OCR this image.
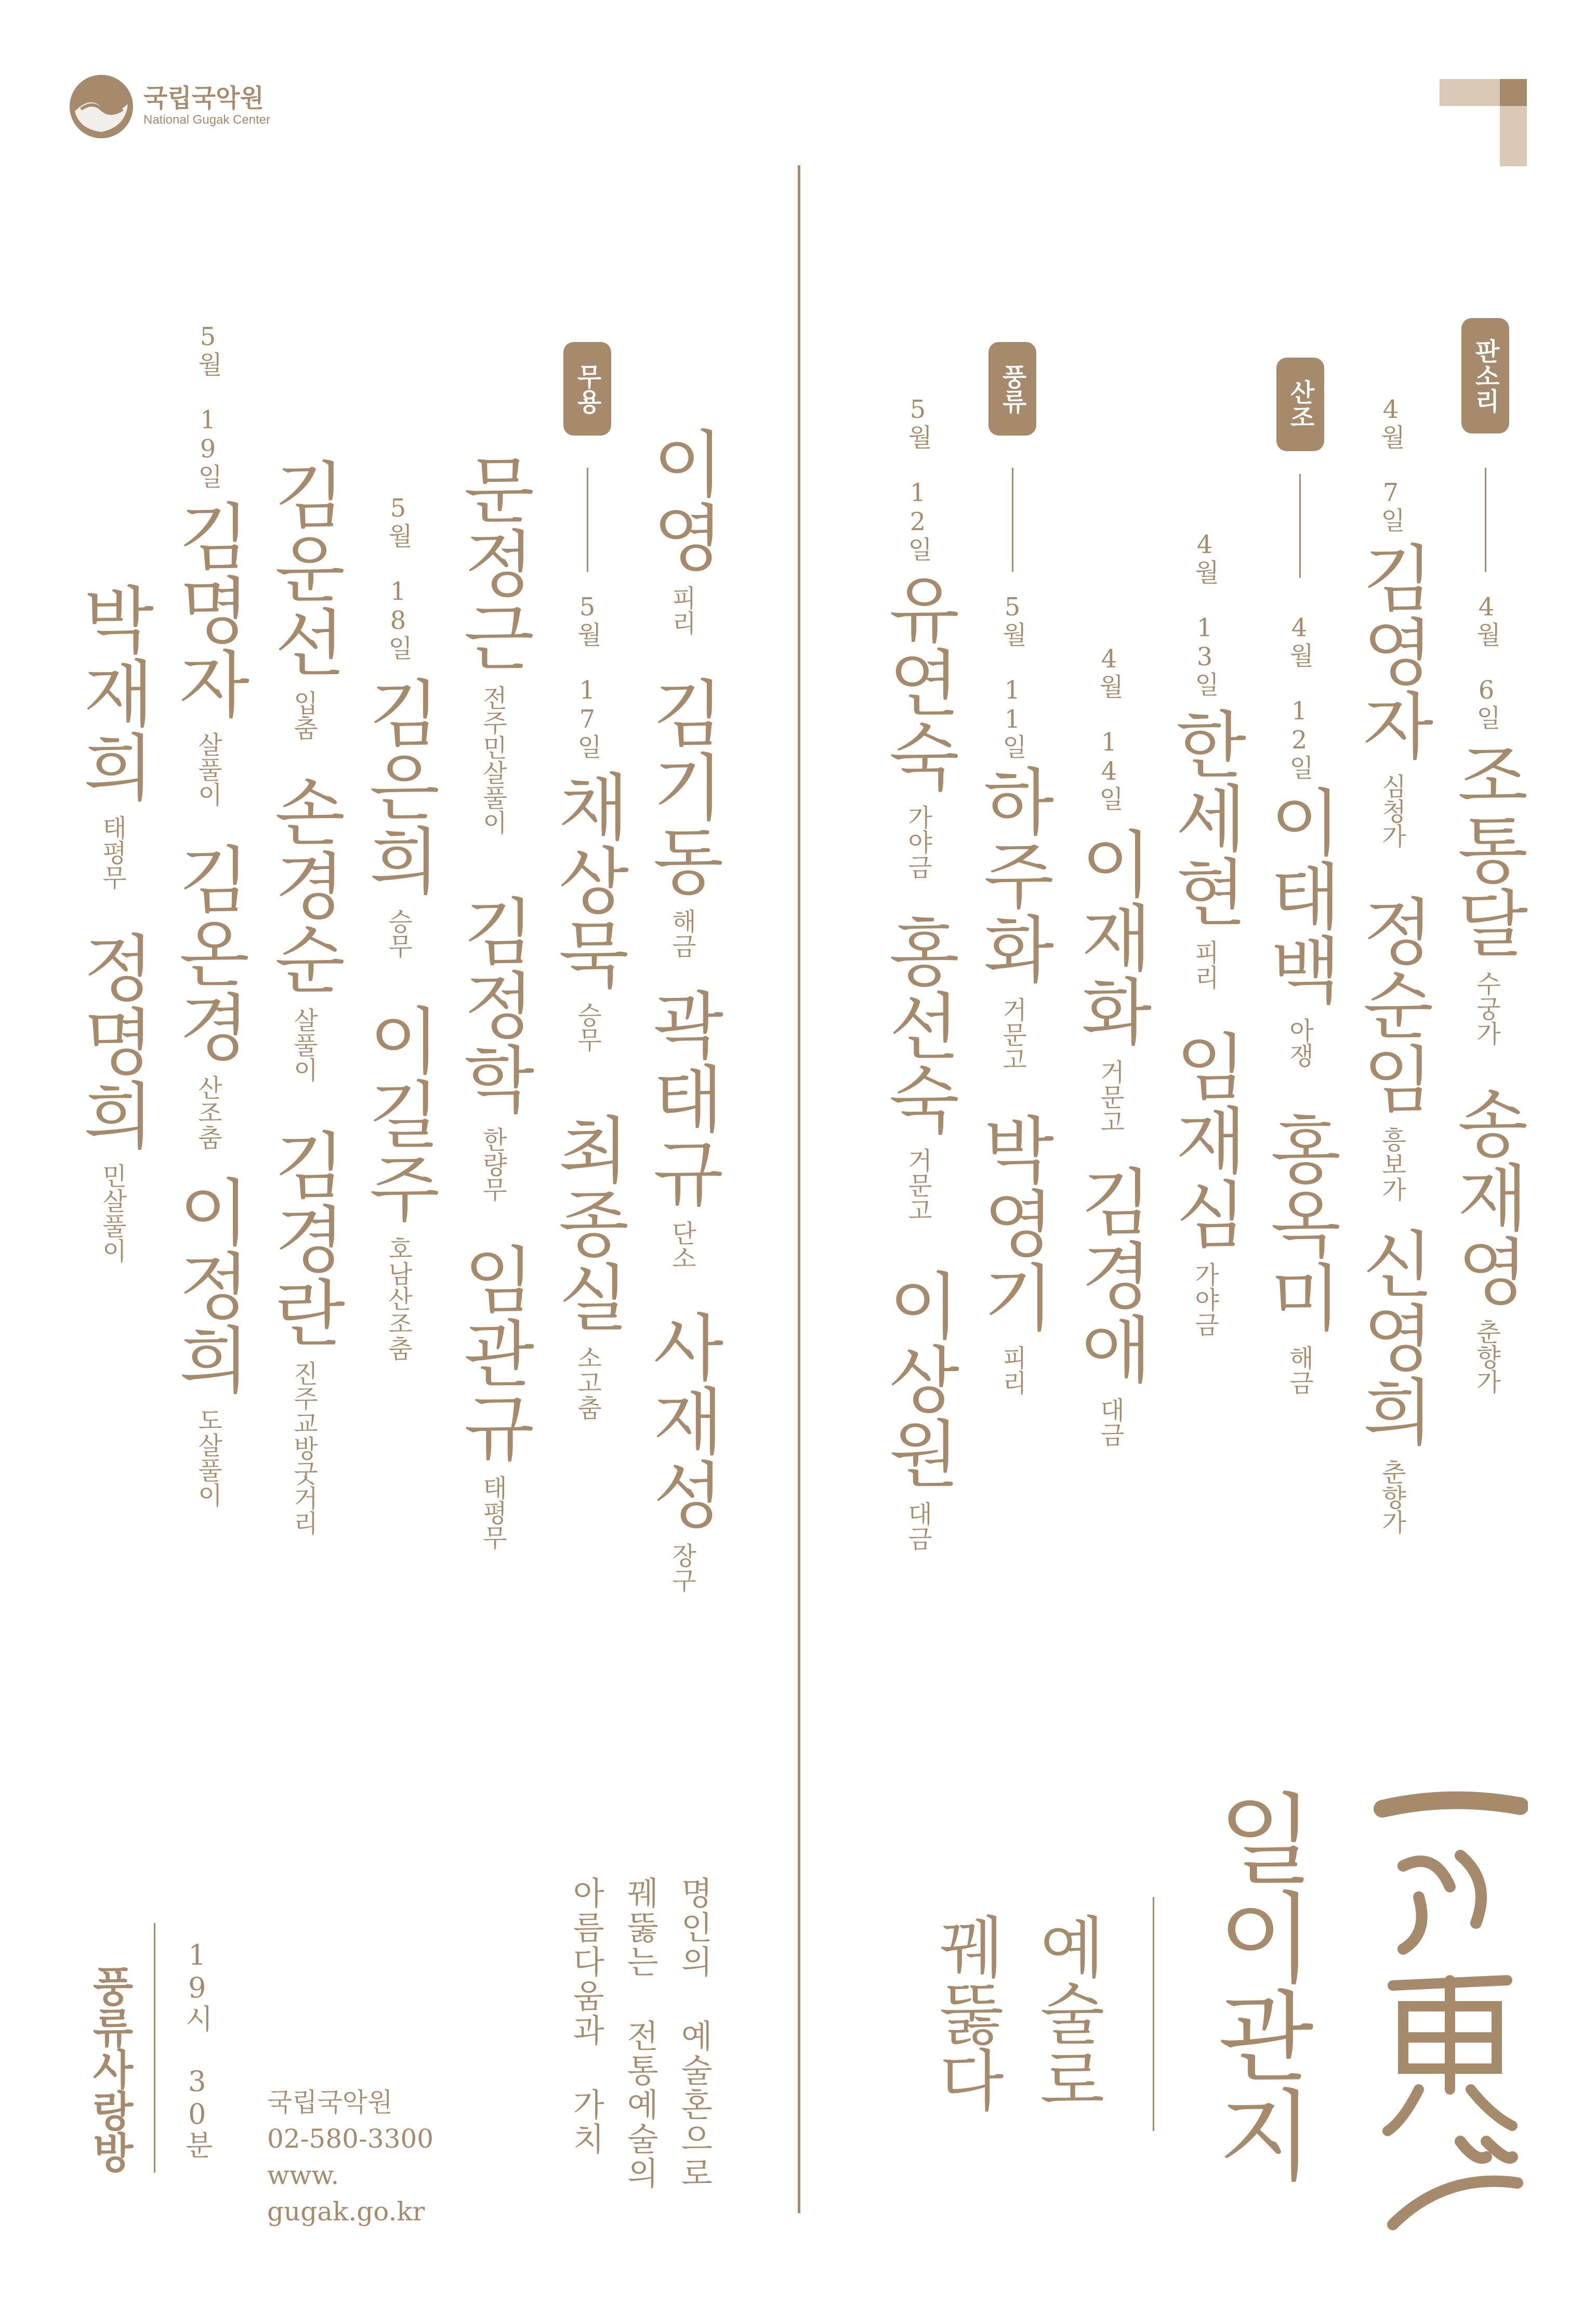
국립국악원
National Gugak Center
판소리
4월 6일
조통달
수궁가
송재영
춘향가
산조	4월 7일
김영자
심청가
정순임
흥보가
신영희
춘향가
4월 12일
이태백
아쟁
홍옥미
해금
4월 13일
한세현
피리
임재심
가야금
4월 14일
이재화
거문고
김경애
대금
풍류
5월 11일
하주화
거문고
박영기
피리
5월 12일
유연숙
가야금
홍선숙
거문고
이상원
대금
이영
피리
김기동
해금
곽태규
단소
사재성
장구
무용
5월 17일
채상묵
승무
최종실
소고춤
문정근
전주민살풀이
김정학
한량무
임관규
태평무
5월 18일
김은희
승무
이길주
호남산조춤
김운선
입춤
손경순
살풀이
김경란
진주교방굿거리
5월 19일
김명자
살풀이
김온경
산조춤
이정희
도살풀이
박재희
태평무
정명희
민살풀이
일이관지
예술로
꿰뚫다
명인의 예술혼으로
꿰뚫는 전통예술의
아름다움과 가치
19시 30분
풍류사랑방	국립국악원
02-580-3300
www.
gugak.go.kr
